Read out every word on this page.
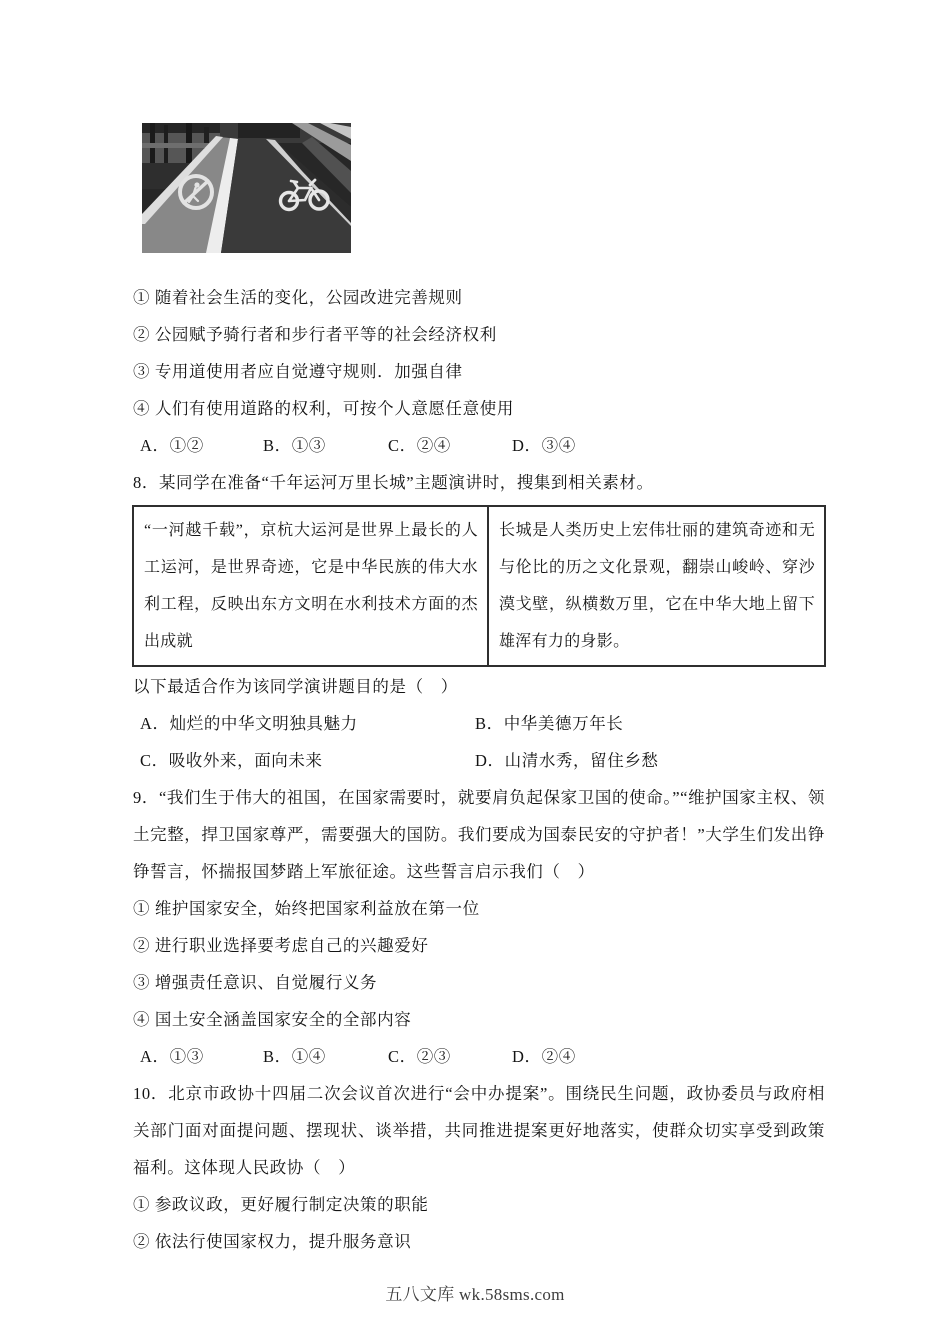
① 随着社会生活的变化，公园改进完善规则
② 公园赋予骑行者和步行者平等的社会经济权利
③ 专用道使用者应自觉遵守规则．加强自律
④ 人们有使用道路的权利，可按个人意愿任意使用
A．①②	B．①③	C．②④	D．③④
8．某同学在准备“千年运河万里长城”主题演讲时，搜集到相关素材。
“一河越千载”，京杭大运河是世界上最长的人工运河，是世界奇迹，它是中华民族的伟大水利工程，反映出东方文明在水利技术方面的杰出成就	长城是人类历史上宏伟壮丽的建筑奇迹和无与伦比的历之文化景观，翻崇山峻岭、穿沙漠戈壁，纵横数万里，它在中华大地上留下雄浑有力的身影。
以下最适合作为该同学演讲题目的是（　）
A．灿烂的中华文明独具魅力	B．中华美德万年长
C．吸收外来，面向未来	D．山清水秀，留住乡愁
9．“我们生于伟大的祖国，在国家需要时，就要肩负起保家卫国的使命。”“维护国家主权、领土完整，捍卫国家尊严，需要强大的国防。我们要成为国泰民安的守护者！”大学生们发出铮铮誓言，怀揣报国梦踏上军旅征途。这些誓言启示我们（　）
① 维护国家安全，始终把国家利益放在第一位
② 进行职业选择要考虑自己的兴趣爱好
③ 增强责任意识、自觉履行义务
④ 国土安全涵盖国家安全的全部内容
A．①③	B．①④	C．②③	D．②④
10．北京市政协十四届二次会议首次进行“会中办提案”。围绕民生问题，政协委员与政府相关部门面对面提问题、摆现状、谈举措，共同推进提案更好地落实，使群众切实享受到政策福利。这体现人民政协（　）
① 参政议政，更好履行制定决策的职能
② 依法行使国家权力，提升服务意识
五八文库 wk.58sms.com
